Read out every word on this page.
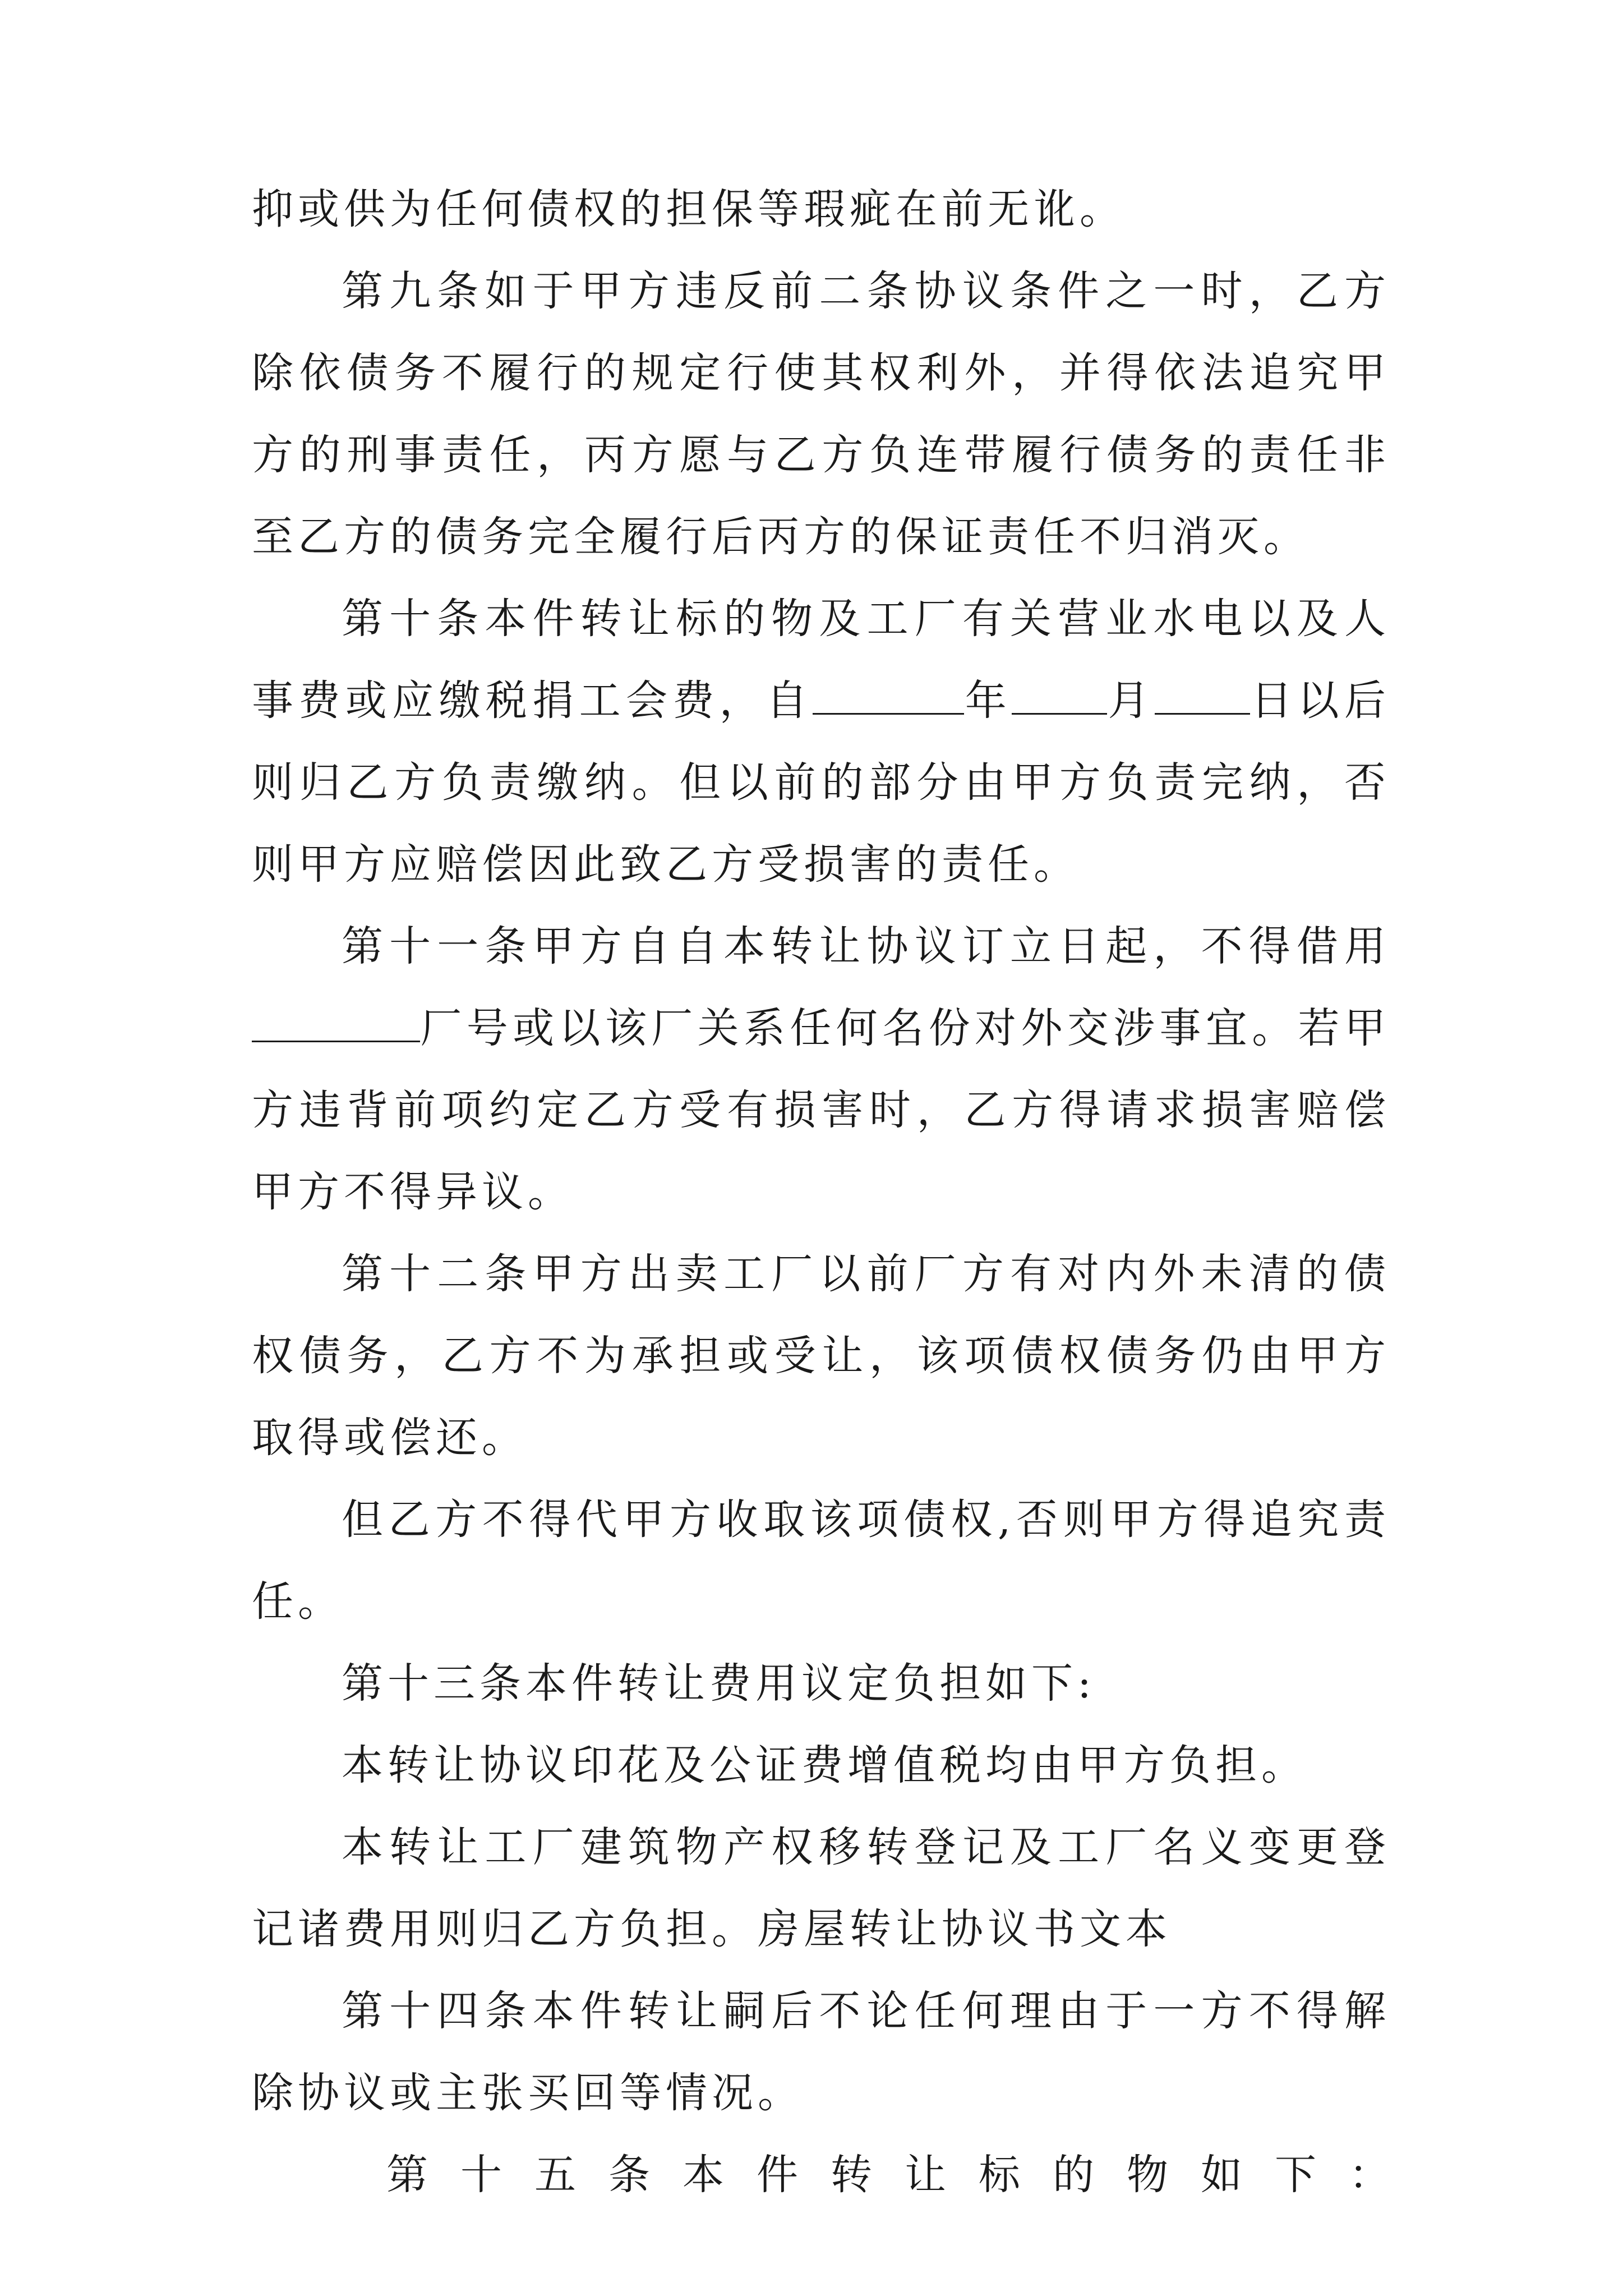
抑或供为任何债权的担保等瑕疵在前无讹。

第九条如于甲方违反前二条协议条件之一时，乙方除依债务不履行的规定行使其权利外，并得依法追究甲方的刑事责任，丙方愿与乙方负连带履行债务的责任非至乙方的债务完全履行后丙方的保证责任不归消灭。

第十条本件转让标的物及工厂有关营业水电以及人事费或应缴税捐工会费，自	年 月 日以后则归乙方负责缴纳。但以前的部分由甲方负责完纳，否则甲方应赔偿因此致乙方受损害的责任。

第十一条甲方自自本转让协议订立日起，不得借用厂号或以该厂关系任何名份对外交涉事宜。若甲方违背前项约定乙方受有损害时，乙方得请求损害赔偿甲方不得异议。

第十二条甲方出卖工厂以前厂方有对内外未清的债权债务，乙方不为承担或受让，该项债权债务仍由甲方取得或偿还。

但乙方不得代甲方收取该项债权,否则甲方得追究责任。

第十三条本件转让费用议定负担如下:

本转让协议印花及公证费增值税均由甲方负担。

本转让工厂建筑物产权移转登记及工厂名义变更登记诸费用则归乙方负担。房屋转让协议书文本

第十四条本件转让嗣后不论任何理由于一方不得解除协议或主张买回等情况。

第十五条本件转让标的物如下：
